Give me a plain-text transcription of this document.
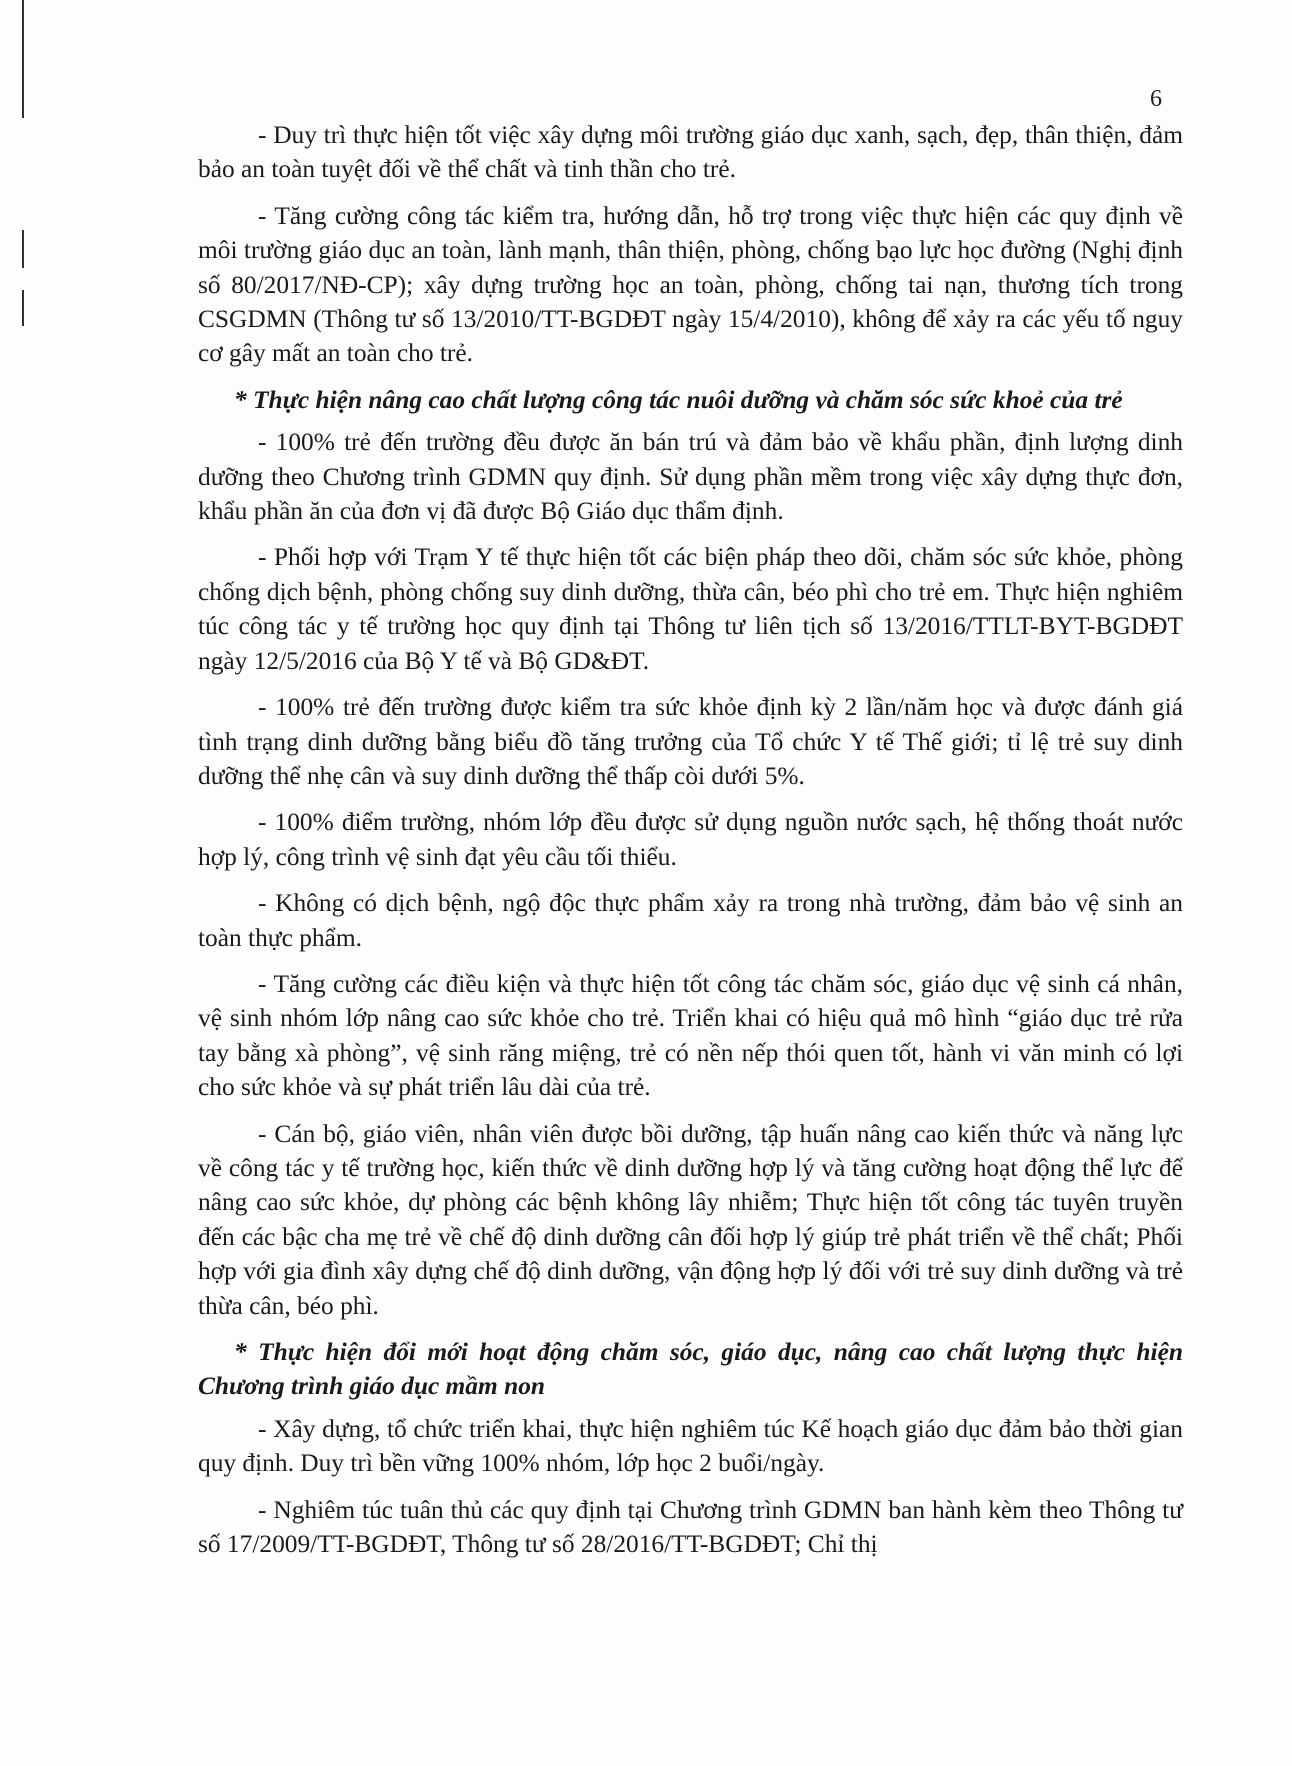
6

- Duy trì thực hiện tốt việc xây dựng môi trường giáo dục xanh, sạch, đẹp, thân thiện, đảm bảo an toàn tuyệt đối về thể chất và tinh thần cho trẻ.

- Tăng cường công tác kiểm tra, hướng dẫn, hỗ trợ trong việc thực hiện các quy định về môi trường giáo dục an toàn, lành mạnh, thân thiện, phòng, chống bạo lực học đường (Nghị định số 80/2017/NĐ-CP); xây dựng trường học an toàn, phòng, chống tai nạn, thương tích trong CSGDMN (Thông tư số 13/2010/TT-BGDĐT ngày 15/4/2010), không để xảy ra các yếu tố nguy cơ gây mất an toàn cho trẻ.

* Thực hiện nâng cao chất lượng công tác nuôi dưỡng và chăm sóc sức khoẻ của trẻ

- 100% trẻ đến trường đều được ăn bán trú và đảm bảo về khẩu phần, định lượng dinh dưỡng theo Chương trình GDMN quy định. Sử dụng phần mềm trong việc xây dựng thực đơn, khẩu phần ăn của đơn vị đã được Bộ Giáo dục thẩm định.

- Phối hợp với Trạm Y tế thực hiện tốt các biện pháp theo dõi, chăm sóc sức khỏe, phòng chống dịch bệnh, phòng chống suy dinh dưỡng, thừa cân, béo phì cho trẻ em. Thực hiện nghiêm túc công tác y tế trường học quy định tại Thông tư liên tịch số 13/2016/TTLT-BYT-BGDĐT ngày 12/5/2016 của Bộ Y tế và Bộ GD&ĐT.

- 100% trẻ đến trường được kiểm tra sức khỏe định kỳ 2 lần/năm học và được đánh giá tình trạng dinh dưỡng bằng biểu đồ tăng trưởng của Tổ chức Y tế Thế giới; tỉ lệ trẻ suy dinh dưỡng thể nhẹ cân và suy dinh dưỡng thể thấp còi dưới 5%.

- 100% điểm trường, nhóm lớp đều được sử dụng nguồn nước sạch, hệ thống thoát nước hợp lý, công trình vệ sinh đạt yêu cầu tối thiểu.

- Không có dịch bệnh, ngộ độc thực phẩm xảy ra trong nhà trường, đảm bảo vệ sinh an toàn thực phẩm.

- Tăng cường các điều kiện và thực hiện tốt công tác chăm sóc, giáo dục vệ sinh cá nhân, vệ sinh nhóm lớp nâng cao sức khỏe cho trẻ. Triển khai có hiệu quả mô hình “giáo dục trẻ rửa tay bằng xà phòng”, vệ sinh răng miệng, trẻ có nền nếp thói quen tốt, hành vi văn minh có lợi cho sức khỏe và sự phát triển lâu dài của trẻ.

- Cán bộ, giáo viên, nhân viên được bồi dưỡng, tập huấn nâng cao kiến thức và năng lực về công tác y tế trường học, kiến thức về dinh dưỡng hợp lý và tăng cường hoạt động thể lực để nâng cao sức khỏe, dự phòng các bệnh không lây nhiễm; Thực hiện tốt công tác tuyên truyền đến các bậc cha mẹ trẻ về chế độ dinh dưỡng cân đối hợp lý giúp trẻ phát triển về thể chất; Phối hợp với gia đình xây dựng chế độ dinh dưỡng, vận động hợp lý đối với trẻ suy dinh dưỡng và trẻ thừa cân, béo phì.

* Thực hiện đổi mới hoạt động chăm sóc, giáo dục, nâng cao chất lượng thực hiện Chương trình giáo dục mầm non

- Xây dựng, tổ chức triển khai, thực hiện nghiêm túc Kế hoạch giáo dục đảm bảo thời gian quy định. Duy trì bền vững 100% nhóm, lớp học 2 buổi/ngày.

- Nghiêm túc tuân thủ các quy định tại Chương trình GDMN ban hành kèm theo Thông tư số 17/2009/TT-BGDĐT, Thông tư số 28/2016/TT-BGDĐT; Chỉ thị
